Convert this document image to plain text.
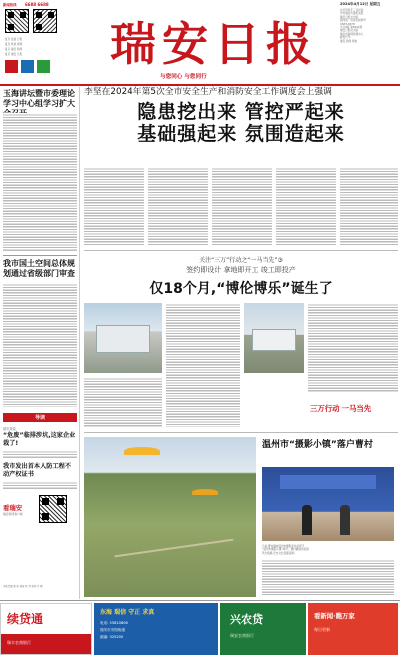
新闻热线 6688 6688
复旦 县委 日报
复旦 纸质 视频
复旦 瑞安 新闻
复旦 瑞安 日报 瑞安日报
与您同心 与您同行
2024年4月12日 星期五
农历甲辰年三月初四
中共瑞安市委机关报
瑞安日报社出版
国内统一连续出版物号
CN33-0078
今日8版 第8431期
瑞安日报社出版
瑞安市新闻传媒中心
邮发代号:
瑞安 新闻 网址
玉海讲坛暨市委理论学习中心组学习扩大
我市国土空间总体规划通过省级部门审查
导读
瑞安探索
“危废”临排涉坑,这家企业栽了!
我市发出首本人防工程不动产权证书
看瑞安
瑞安新闻客户端
本版责编 陈 新 视觉 林 慧 检校 叶 锦
李坚在2024年第5次全市安全生产和消防安全工作调度会上强调
隐患挖出来 管控严起来
基础强起来 氛围造起来
关注“三万”行动之“一马当先”③
签约即设计 拿地即开工 竣工即投产
仅18个月,“博伦博乐”诞生了
三万行动 一马当先
温州市“摄影小镇”落户曹村
日前,曹村镇被温州市摄影家协会授予
“温州市摄影小镇”称号。曹村镇境内田园
风光旖旎,历史文化底蕴深厚。
续贷通
瑞丰农商银行
东海 瑞信 守正 求真
电话: 55810806
瑞安市安阳街道
邮编: 325200
兴农贷
瑞安农商银行
看新闻·瞧万家
每日更新
